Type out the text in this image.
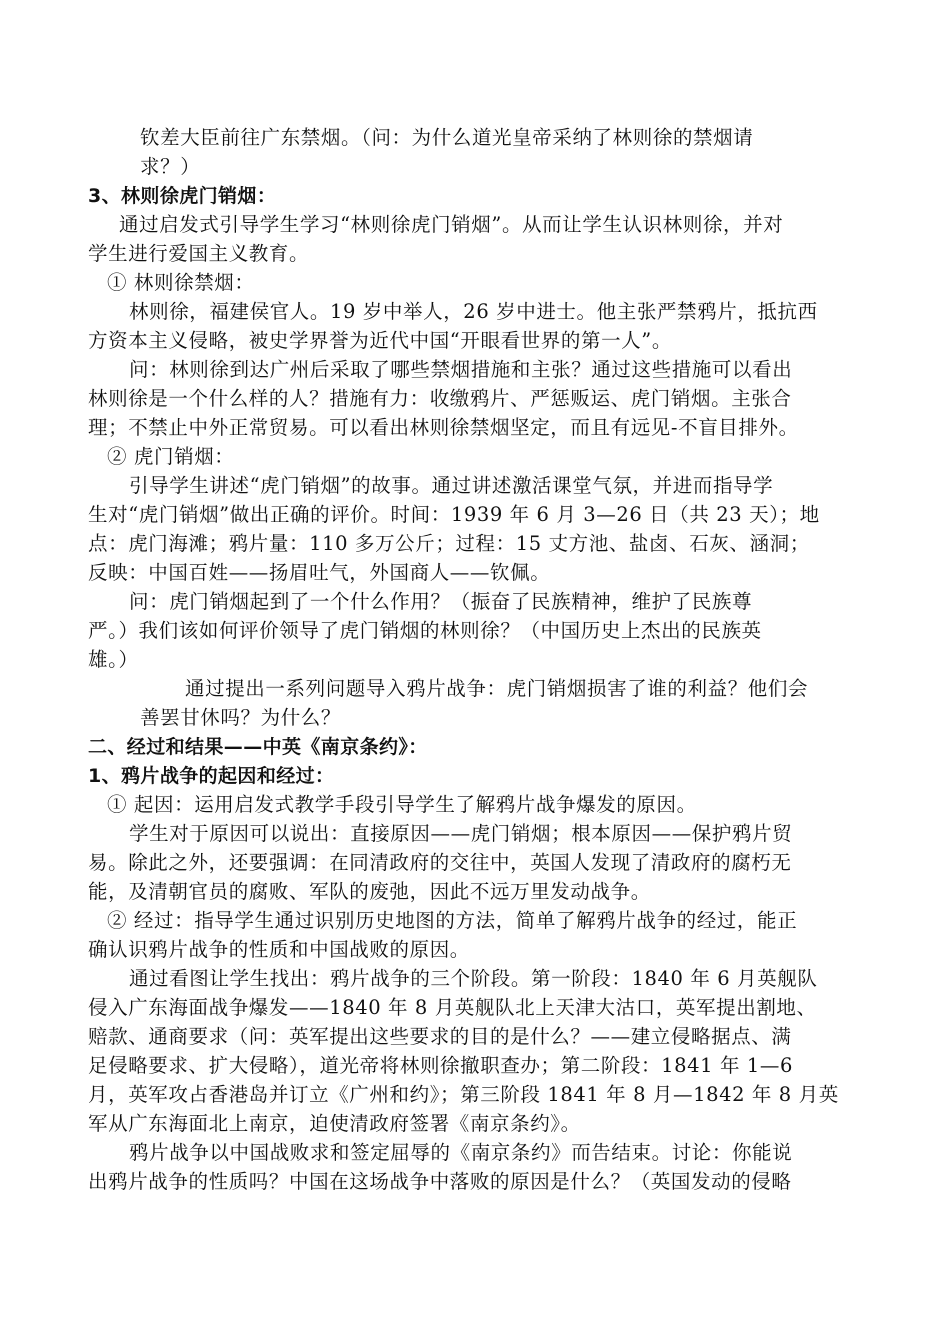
钦差大臣前往广东禁烟。（问：为什么道光皇帝采纳了林则徐的禁烟请
求？）
3、林则徐虎门销烟：
通过启发式引导学生学习“林则徐虎门销烟”。从而让学生认识林则徐，并对
学生进行爱国主义教育。
① 林则徐禁烟：
林则徐，福建侯官人。19 岁中举人，26 岁中进士。他主张严禁鸦片，抵抗西
方资本主义侵略，被史学界誉为近代中国“开眼看世界的第一人”。
问：林则徐到达广州后采取了哪些禁烟措施和主张？通过这些措施可以看出
林则徐是一个什么样的人？措施有力：收缴鸦片、严惩贩运、虎门销烟。主张合
理；不禁止中外正常贸易。可以看出林则徐禁烟坚定，而且有远见-不盲目排外。
② 虎门销烟：
引导学生讲述“虎门销烟”的故事。通过讲述激活课堂气氛，并进而指导学
生对“虎门销烟”做出正确的评价。时间：1939 年 6 月 3—26 日（共 23 天）；地
点：虎门海滩；鸦片量：110 多万公斤；过程：15 丈方池、盐卤、石灰、涵洞；
反映：中国百姓——扬眉吐气，外国商人——钦佩。
问：虎门销烟起到了一个什么作用？（振奋了民族精神，维护了民族尊
严。）我们该如何评价领导了虎门销烟的林则徐？（中国历史上杰出的民族英
雄。）
通过提出一系列问题导入鸦片战争：虎门销烟损害了谁的利益？他们会
善罢甘休吗？为什么？
二、经过和结果——中英《南京条约》：
1、鸦片战争的起因和经过：
① 起因：运用启发式教学手段引导学生了解鸦片战争爆发的原因。
学生对于原因可以说出：直接原因——虎门销烟；根本原因——保护鸦片贸
易。除此之外，还要强调：在同清政府的交往中，英国人发现了清政府的腐朽无
能，及清朝官员的腐败、军队的废弛，因此不远万里发动战争。
② 经过：指导学生通过识别历史地图的方法，简单了解鸦片战争的经过，能正
确认识鸦片战争的性质和中国战败的原因。
通过看图让学生找出：鸦片战争的三个阶段。第一阶段：1840 年 6 月英舰队
侵入广东海面战争爆发——1840 年 8 月英舰队北上天津大沽口，英军提出割地、
赔款、通商要求（问：英军提出这些要求的目的是什么？——建立侵略据点、满
足侵略要求、扩大侵略），道光帝将林则徐撤职查办；第二阶段：1841 年 1—6
月，英军攻占香港岛并订立《广州和约》；第三阶段 1841 年 8 月—1842 年 8 月英
军从广东海面北上南京，迫使清政府签署《南京条约》。
鸦片战争以中国战败求和签定屈辱的《南京条约》而告结束。讨论：你能说
出鸦片战争的性质吗？中国在这场战争中落败的原因是什么？（英国发动的侵略
